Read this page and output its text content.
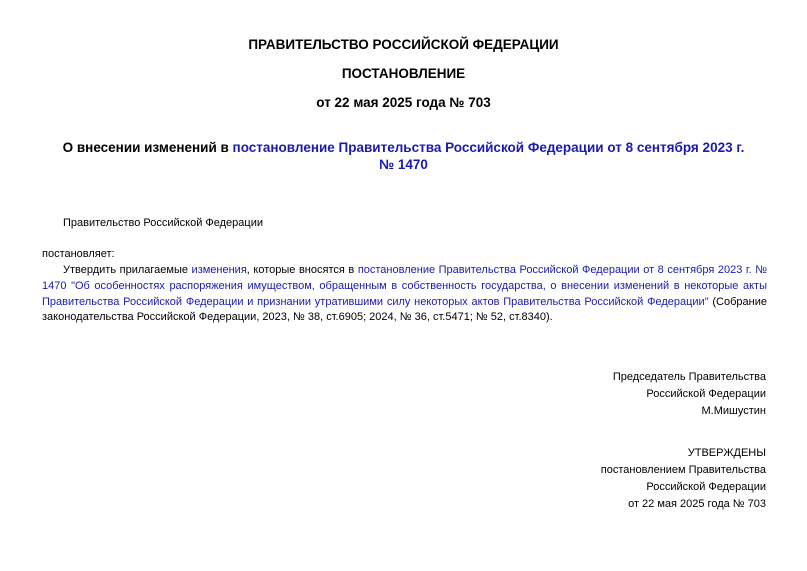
ПРАВИТЕЛЬСТВО РОССИЙСКОЙ ФЕДЕРАЦИИ
ПОСТАНОВЛЕНИЕ
от 22 мая 2025 года № 703
О внесении изменений в постановление Правительства Российской Федерации от 8 сентября 2023 г. № 1470
Правительство Российской Федерации
постановляет:
Утвердить прилагаемые изменения, которые вносятся в постановление Правительства Российской Федерации от 8 сентября 2023 г. № 1470 "Об особенностях распоряжения имуществом, обращенным в собственность государства, о внесении изменений в некоторые акты Правительства Российской Федерации и признании утратившими силу некоторых актов Правительства Российской Федерации" (Собрание законодательства Российской Федерации, 2023, № 38, ст.6905; 2024, № 36, ст.5471; № 52, ст.8340).
Председатель Правительства
Российской Федерации
М.Мишустин
УТВЕРЖДЕНЫ
постановлением Правительства
Российской Федерации
от 22 мая 2025 года № 703
